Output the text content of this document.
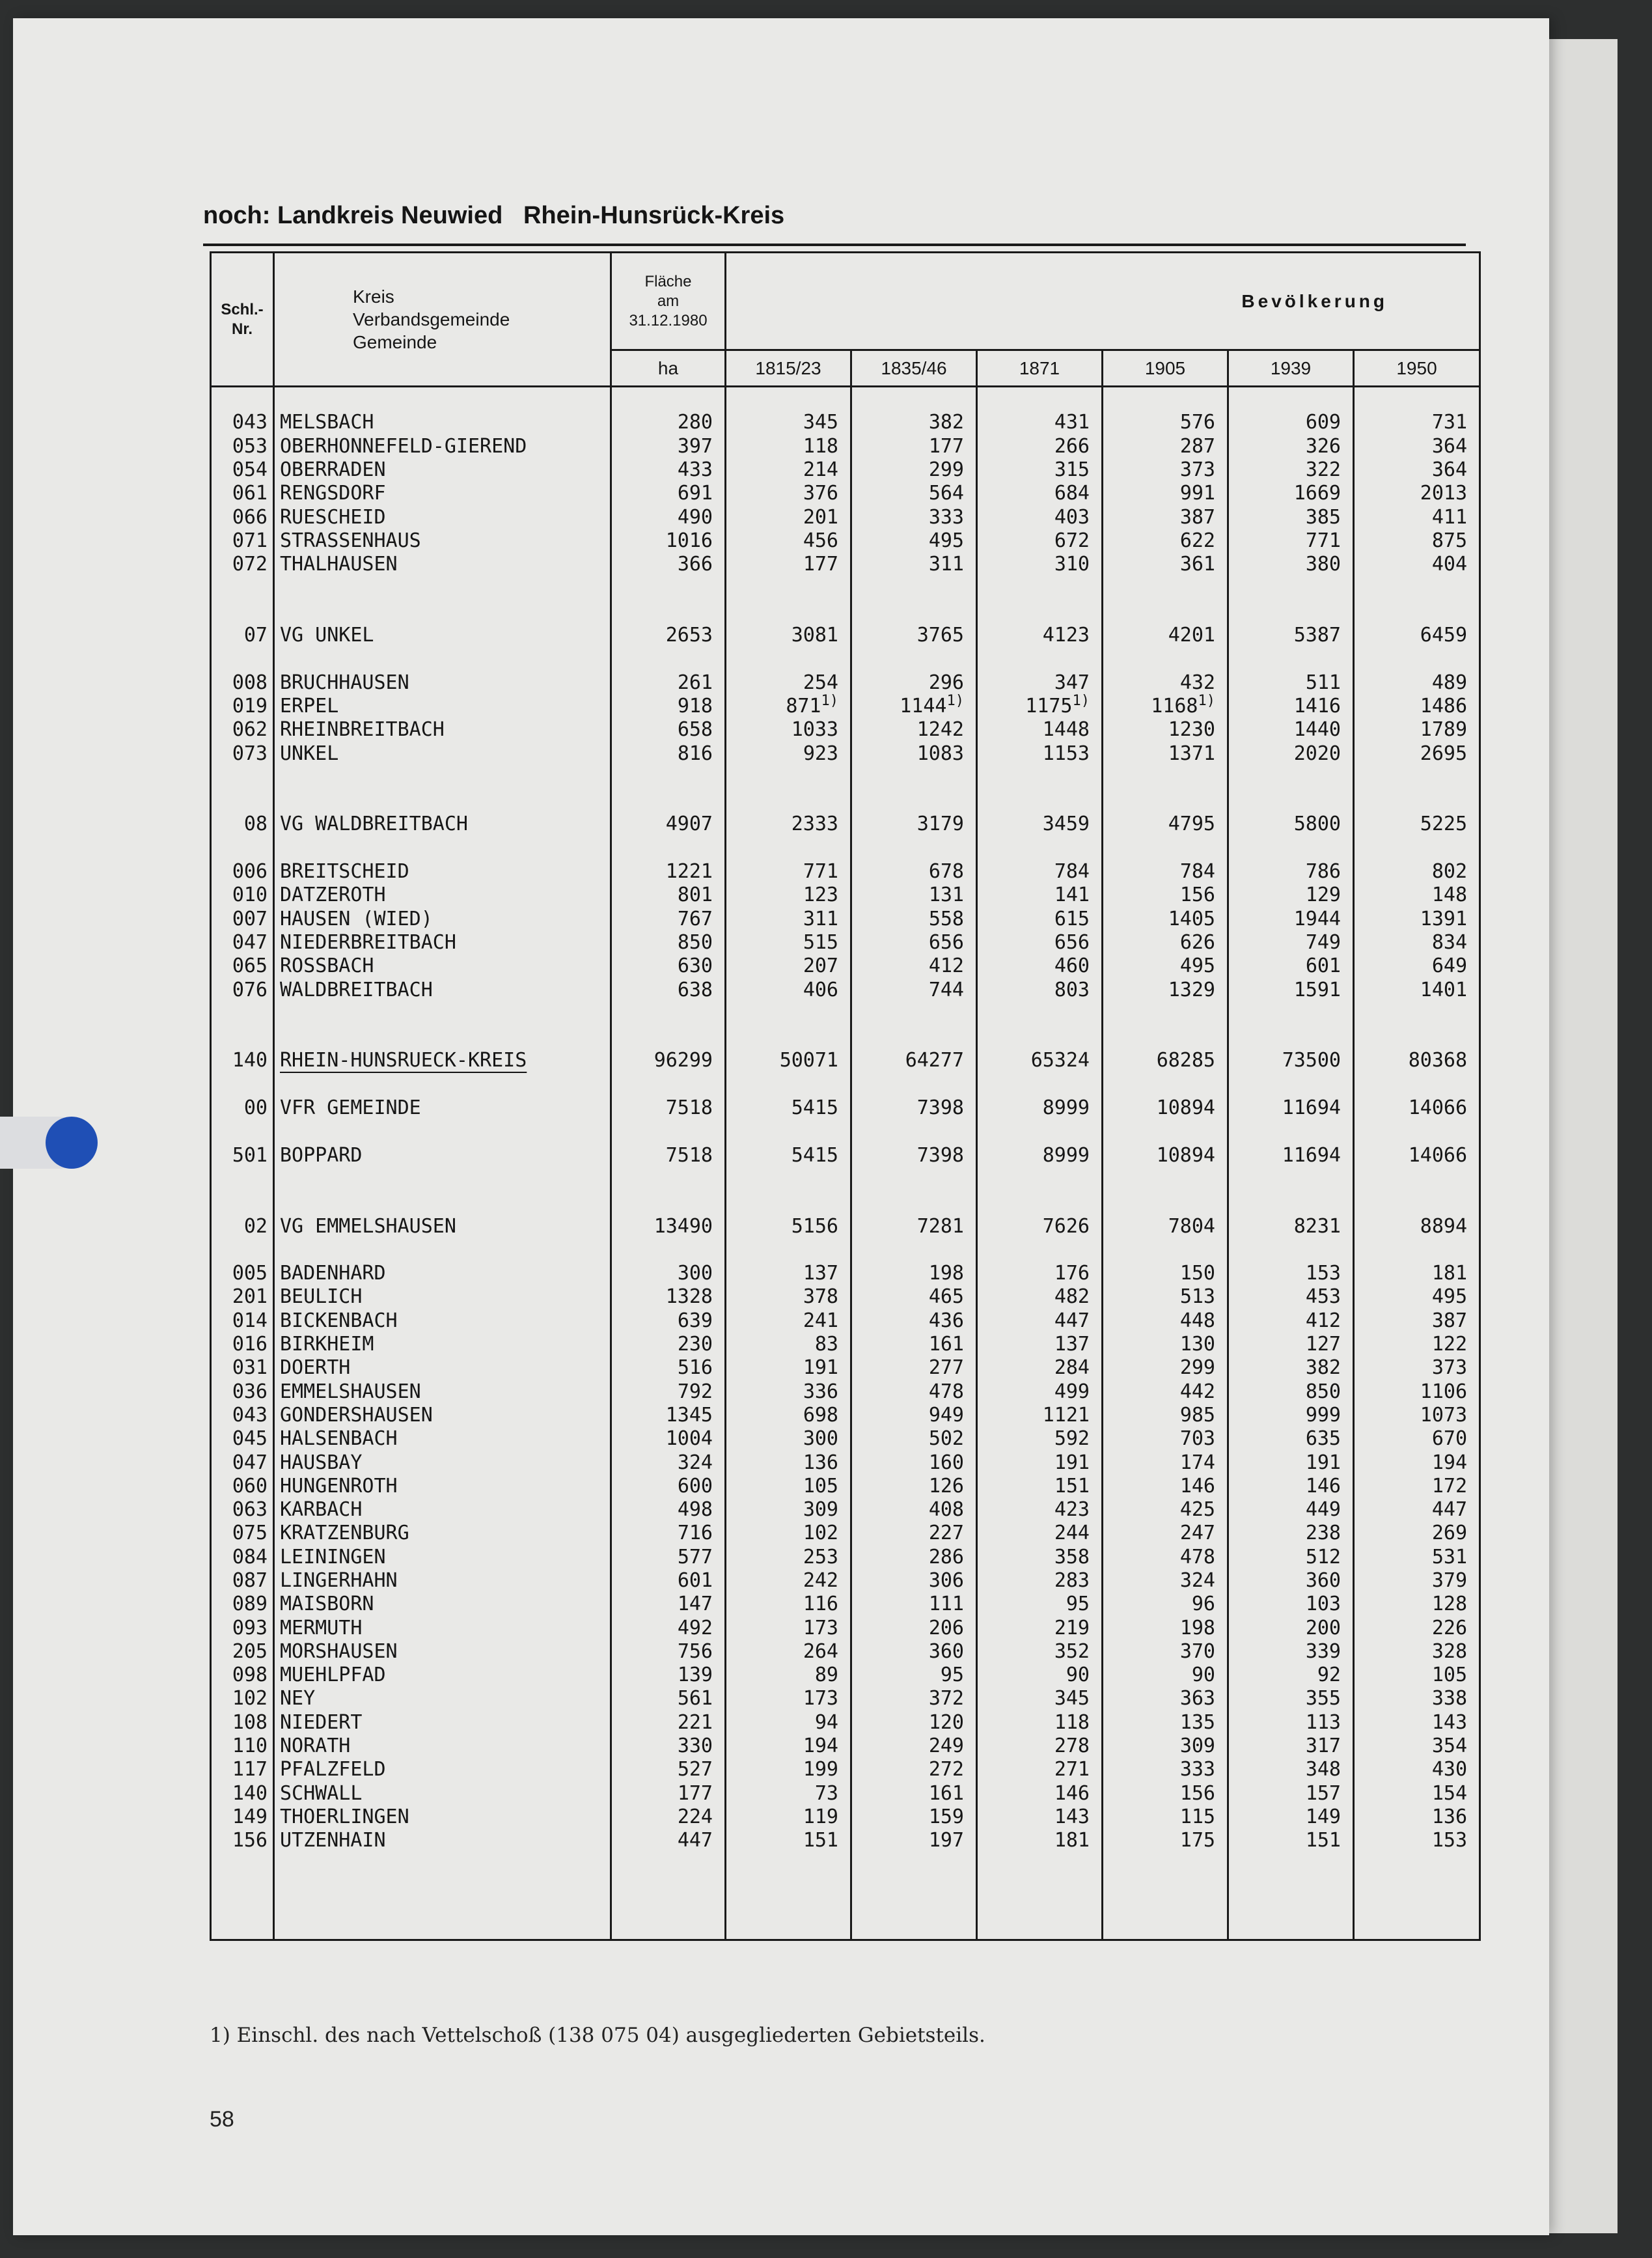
noch: Landkreis Neuwied   Rhein-Hunsrück-Kreis
Schl.-
Nr.	Kreis
Verbandsgemeinde
Gemeinde	Fläche
am
31.12.1980	Bevölkerung					
		ha	1815/23	1835/46	1871	1905	1939	1950

043	MELSBACH	280	345	382	431	576	609	731
053	OBERHONNEFELD-GIEREND	397	118	177	266	287	326	364
054	OBERRADEN	433	214	299	315	373	322	364
061	RENGSDORF	691	376	564	684	991	1669	2013
066	RUESCHEID	490	201	333	403	387	385	411
071	STRASSENHAUS	1016	456	495	672	622	771	875
072	THALHAUSEN	366	177	311	310	361	380	404

07	VG UNKEL	2653	3081	3765	4123	4201	5387	6459

008	BRUCHHAUSEN	261	254	296	347	432	511	489
019	ERPEL	918	871$^{1)}$	1144$^{1)}$	1175$^{1)}$	1168$^{1)}$	1416	1486
062	RHEINBREITBACH	658	1033	1242	1448	1230	1440	1789
073	UNKEL	816	923	1083	1153	1371	2020	2695

08	VG WALDBREITBACH	4907	2333	3179	3459	4795	5800	5225

006	BREITSCHEID	1221	771	678	784	784	786	802
010	DATZEROTH	801	123	131	141	156	129	148
007	HAUSEN (WIED)	767	311	558	615	1405	1944	1391
047	NIEDERBREITBACH	850	515	656	656	626	749	834
065	ROSSBACH	630	207	412	460	495	601	649
076	WALDBREITBACH	638	406	744	803	1329	1591	1401

140	RHEIN-HUNSRUECK-KREIS	96299	50071	64277	65324	68285	73500	80368

00	VFR GEMEINDE	7518	5415	7398	8999	10894	11694	14066

501	BOPPARD	7518	5415	7398	8999	10894	11694	14066

02	VG EMMELSHAUSEN	13490	5156	7281	7626	7804	8231	8894

005	BADENHARD	300	137	198	176	150	153	181
201	BEULICH	1328	378	465	482	513	453	495
014	BICKENBACH	639	241	436	447	448	412	387
016	BIRKHEIM	230	83	161	137	130	127	122
031	DOERTH	516	191	277	284	299	382	373
036	EMMELSHAUSEN	792	336	478	499	442	850	1106
043	GONDERSHAUSEN	1345	698	949	1121	985	999	1073
045	HALSENBACH	1004	300	502	592	703	635	670
047	HAUSBAY	324	136	160	191	174	191	194
060	HUNGENROTH	600	105	126	151	146	146	172
063	KARBACH	498	309	408	423	425	449	447
075	KRATZENBURG	716	102	227	244	247	238	269
084	LEININGEN	577	253	286	358	478	512	531
087	LINGERHAHN	601	242	306	283	324	360	379
089	MAISBORN	147	116	111	95	96	103	128
093	MERMUTH	492	173	206	219	198	200	226
205	MORSHAUSEN	756	264	360	352	370	339	328
098	MUEHLPFAD	139	89	95	90	90	92	105
102	NEY	561	173	372	345	363	355	338
108	NIEDERT	221	94	120	118	135	113	143
110	NORATH	330	194	249	278	309	317	354
117	PFALZFELD	527	199	272	271	333	348	430
140	SCHWALL	177	73	161	146	156	157	154
149	THOERLINGEN	224	119	159	143	115	149	136
156	UTZENHAIN	447	151	197	181	175	151	153

1) Einschl. des nach Vettelschoß (138 075 04) ausgegliederten Gebietsteils.
58
